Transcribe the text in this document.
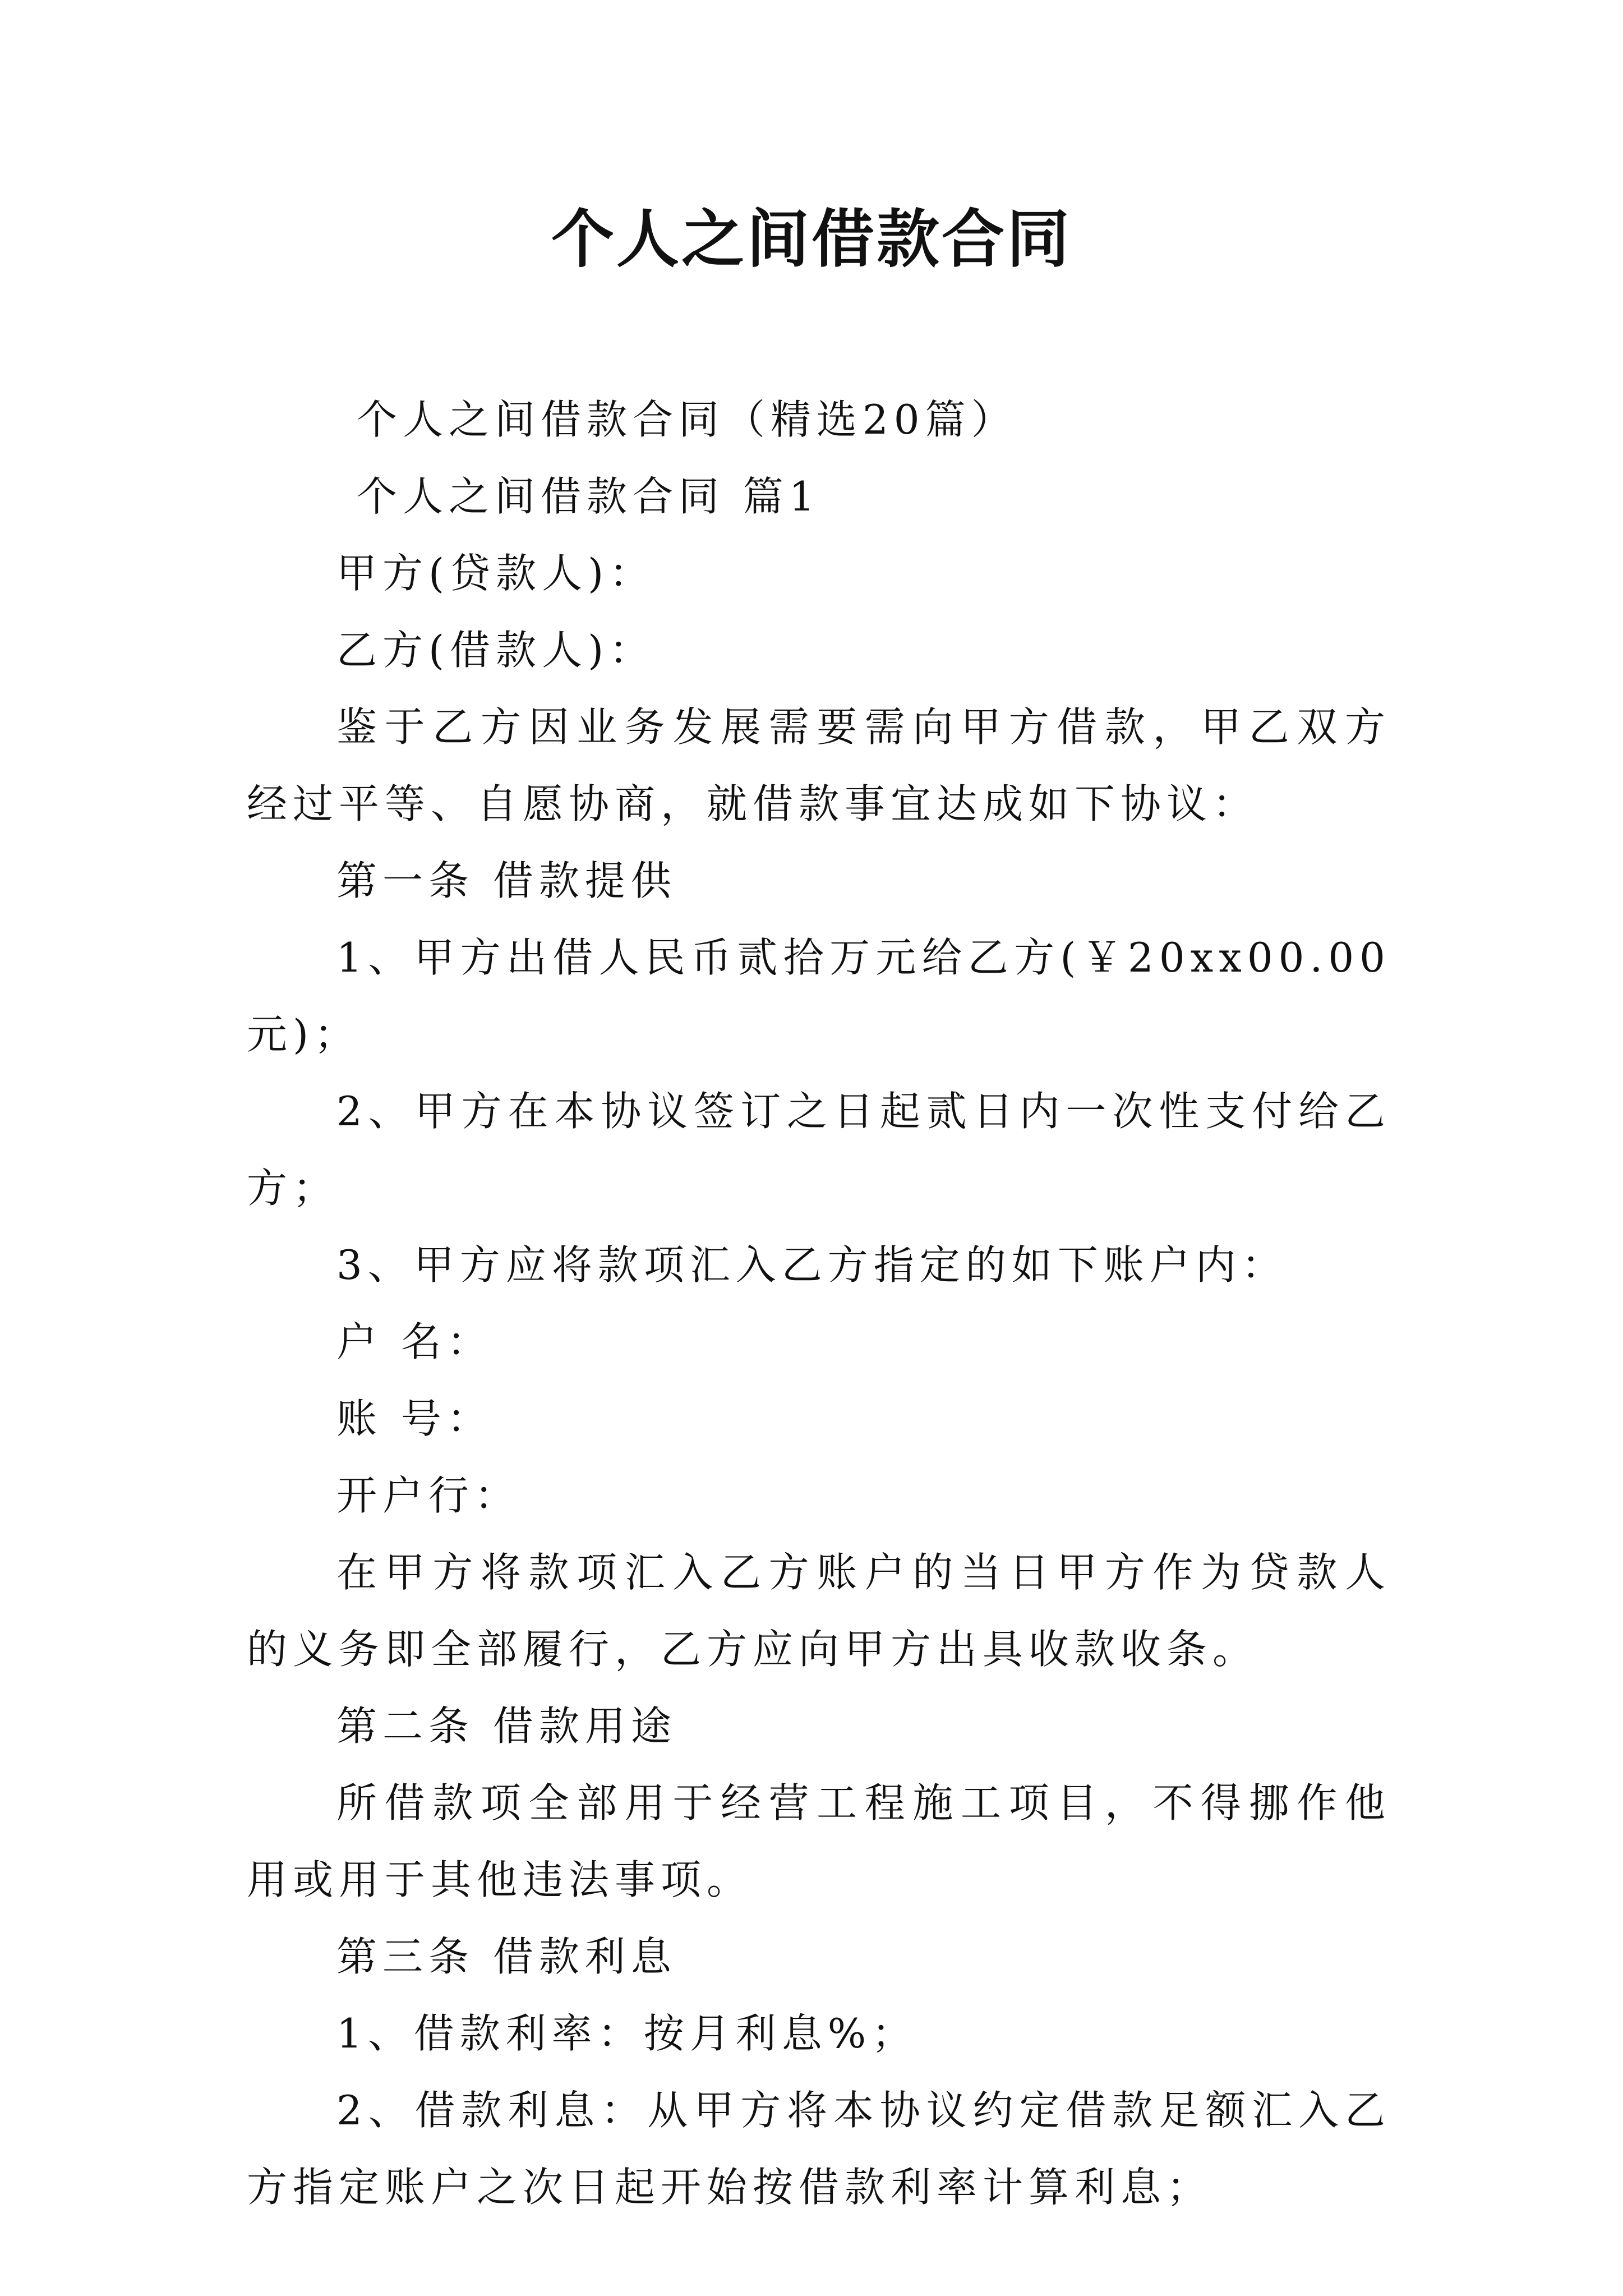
个人之间借款合同

个人之间借款合同（精选20篇）

个人之间借款合同 篇1

甲方(贷款人)：

乙方(借款人)：

鉴于乙方因业务发展需要需向甲方借款，甲乙双方经过平等、自愿协商，就借款事宜达成如下协议：

第一条 借款提供

1、甲方出借人民币贰拾万元给乙方(￥20xx00.00元)；

2、甲方在本协议签订之日起贰日内一次性支付给乙方；

3、甲方应将款项汇入乙方指定的如下账户内：

户 名：

账 号：

开户行：

在甲方将款项汇入乙方账户的当日甲方作为贷款人的义务即全部履行，乙方应向甲方出具收款收条。

第二条 借款用途

所借款项全部用于经营工程施工项目，不得挪作他用或用于其他违法事项。

第三条 借款利息

1、借款利率：按月利息%；

2、借款利息：从甲方将本协议约定借款足额汇入乙方指定账户之次日起开始按借款利率计算利息；
